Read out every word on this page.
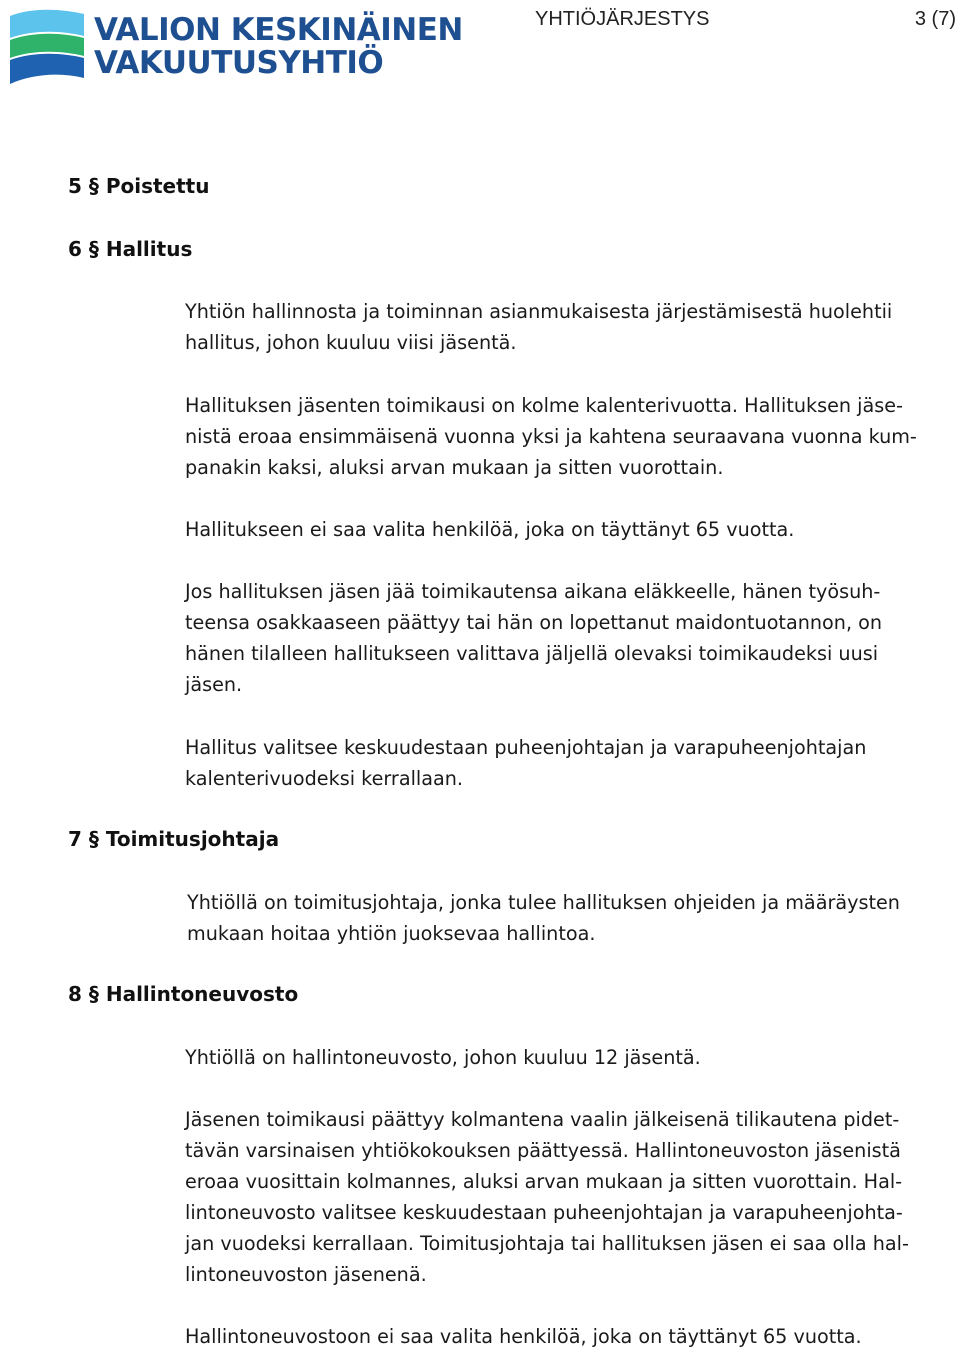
VALION KESKINÄINEN
VAKUUTUSYHTIÖ
YHTIÖJÄRJESTYS	3 (7)
5 § Poistettu
6 § Hallitus

Yhtiön hallinnosta ja toiminnan asianmukaisesta järjestämisestä huolehtii
hallitus, johon kuuluu viisi jäsentä.

Hallituksen jäsenten toimikausi on kolme kalenterivuotta. Hallituksen jäse-
nistä eroaa ensimmäisenä vuonna yksi ja kahtena seuraavana vuonna kum-
panakin kaksi, aluksi arvan mukaan ja sitten vuorottain.

Hallitukseen ei saa valita henkilöä, joka on täyttänyt 65 vuotta.

Jos hallituksen jäsen jää toimikautensa aikana eläkkeelle, hänen työsuh-
teensa osakkaaseen päättyy tai hän on lopettanut maidontuotannon, on
hänen tilalleen hallitukseen valittava jäljellä olevaksi toimikaudeksi uusi
jäsen.

Hallitus valitsee keskuudestaan puheenjohtajan ja varapuheenjohtajan
kalenterivuodeksi kerrallaan.

7 § Toimitusjohtaja

Yhtiöllä on toimitusjohtaja, jonka tulee hallituksen ohjeiden ja määräysten
mukaan hoitaa yhtiön juoksevaa hallintoa.

8 § Hallintoneuvosto

Yhtiöllä on hallintoneuvosto, johon kuuluu 12 jäsentä.

Jäsenen toimikausi päättyy kolmantena vaalin jälkeisenä tilikautena pidet-
tävän varsinaisen yhtiökokouksen päättyessä. Hallintoneuvoston jäsenistä
eroaa vuosittain kolmannes, aluksi arvan mukaan ja sitten vuorottain. Hal-
lintoneuvosto valitsee keskuudestaan puheenjohtajan ja varapuheenjohta-
jan vuodeksi kerrallaan. Toimitusjohtaja tai hallituksen jäsen ei saa olla hal-
lintoneuvoston jäsenenä.

Hallintoneuvostoon ei saa valita henkilöä, joka on täyttänyt 65 vuotta.
